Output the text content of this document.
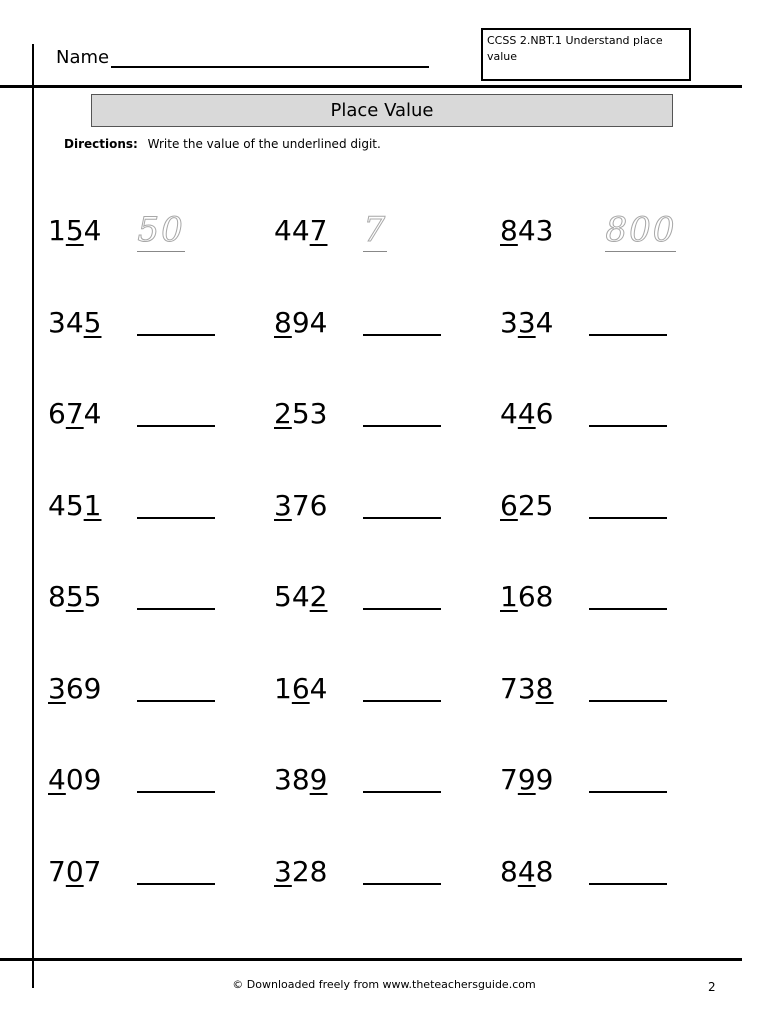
Name
CCSS 2.NBT.1 Understand place value
Place Value
Directions: Write the value of the underlined digit.
1 5 4 50	4 4 7 7	8 4 3 800
3 4 5	8 9 4	3 3 4
6 7 4	2 5 3	4 4 6
4 5 1	3 7 6	6 2 5
8 5 5	5 4 2	1 6 8
3 6 9	1 6 4	7 3 8
4 0 9	3 8 9	7 9 9
7 0 7	3 2 8	8 4 8
© Downloaded freely from www.theteachersguide.com	2
